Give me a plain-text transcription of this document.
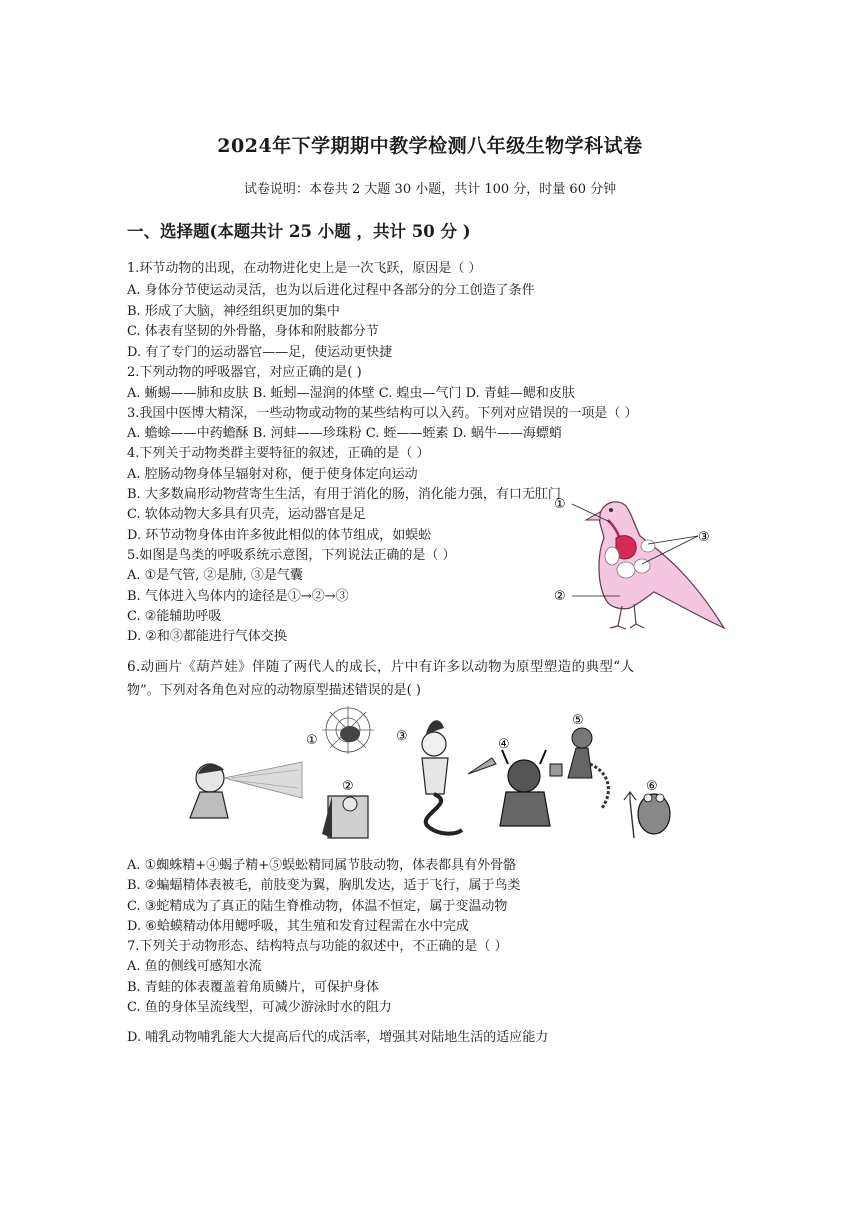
2024年下学期期中教学检测八年级生物学科试卷
试卷说明：本卷共 2 大题 30 小题，共计 100 分，时量 60 分钟
一、选择题(本题共计 25 小题 ，共计 50 分 )
1.环节动物的出现，在动物进化史上是一次飞跃，原因是（ ）
A. 身体分节使运动灵活，也为以后进化过程中各部分的分工创造了条件
B. 形成了大脑，神经组织更加的集中
C. 体表有坚韧的外骨骼，身体和附肢都分节
D. 有了专门的运动器官——足，使运动更快捷
2.下列动物的呼吸器官，对应正确的是( )
A. 蜥蜴——肺和皮肤 B. 蚯蚓—湿润的体壁 C. 蝗虫—气门 D. 青蛙—鳃和皮肤
3.我国中医博大精深，一些动物或动物的某些结构可以入药。下列对应错误的一项是（ ）
A. 蟾蜍——中药蟾酥 B. 河蚌——珍珠粉 C. 蛭——蛭素 D. 蜗牛——海螵蛸
4.下列关于动物类群主要特征的叙述，正确的是（ ）
A. 腔肠动物身体呈辐射对称，便于使身体定向运动
B. 大多数扁形动物营寄生生活，有用于消化的肠，消化能力强，有口无肛门
C. 软体动物大多具有贝壳，运动器官是足
D. 环节动物身体由许多彼此相似的体节组成，如蜈蚣
5.如图是鸟类的呼吸系统示意图，下列说法正确的是（ ）
A. ①是气管, ②是肺, ③是气囊
B. 气体进入鸟体内的途径是①→②→③
C. ②能辅助呼吸
D. ②和③都能进行气体交换
①
②
③
6.动画片《葫芦娃》伴随了两代人的成长，片中有许多以动物为原型塑造的典型“人
物”。下列对各角色对应的动物原型描述错误的是( )
①
②
③
④
⑤
⑥
A. ①蜘蛛精+④蝎子精+⑤蜈蚣精同属节肢动物，体表都具有外骨骼
B. ②蝙蝠精体表被毛，前肢变为翼，胸肌发达，适于飞行，属于鸟类
C. ③蛇精成为了真正的陆生脊椎动物，体温不恒定，属于变温动物
D. ⑥蛤蟆精动体用鳃呼吸，其生殖和发育过程需在水中完成
7.下列关于动物形态、结构特点与功能的叙述中，不正确的是（ ）
A. 鱼的侧线可感知水流
B. 青蛙的体表覆盖着角质鳞片，可保护身体
C. 鱼的身体呈流线型，可减少游泳时水的阻力
D. 哺乳动物哺乳能大大提高后代的成活率，增强其对陆地生活的适应能力
